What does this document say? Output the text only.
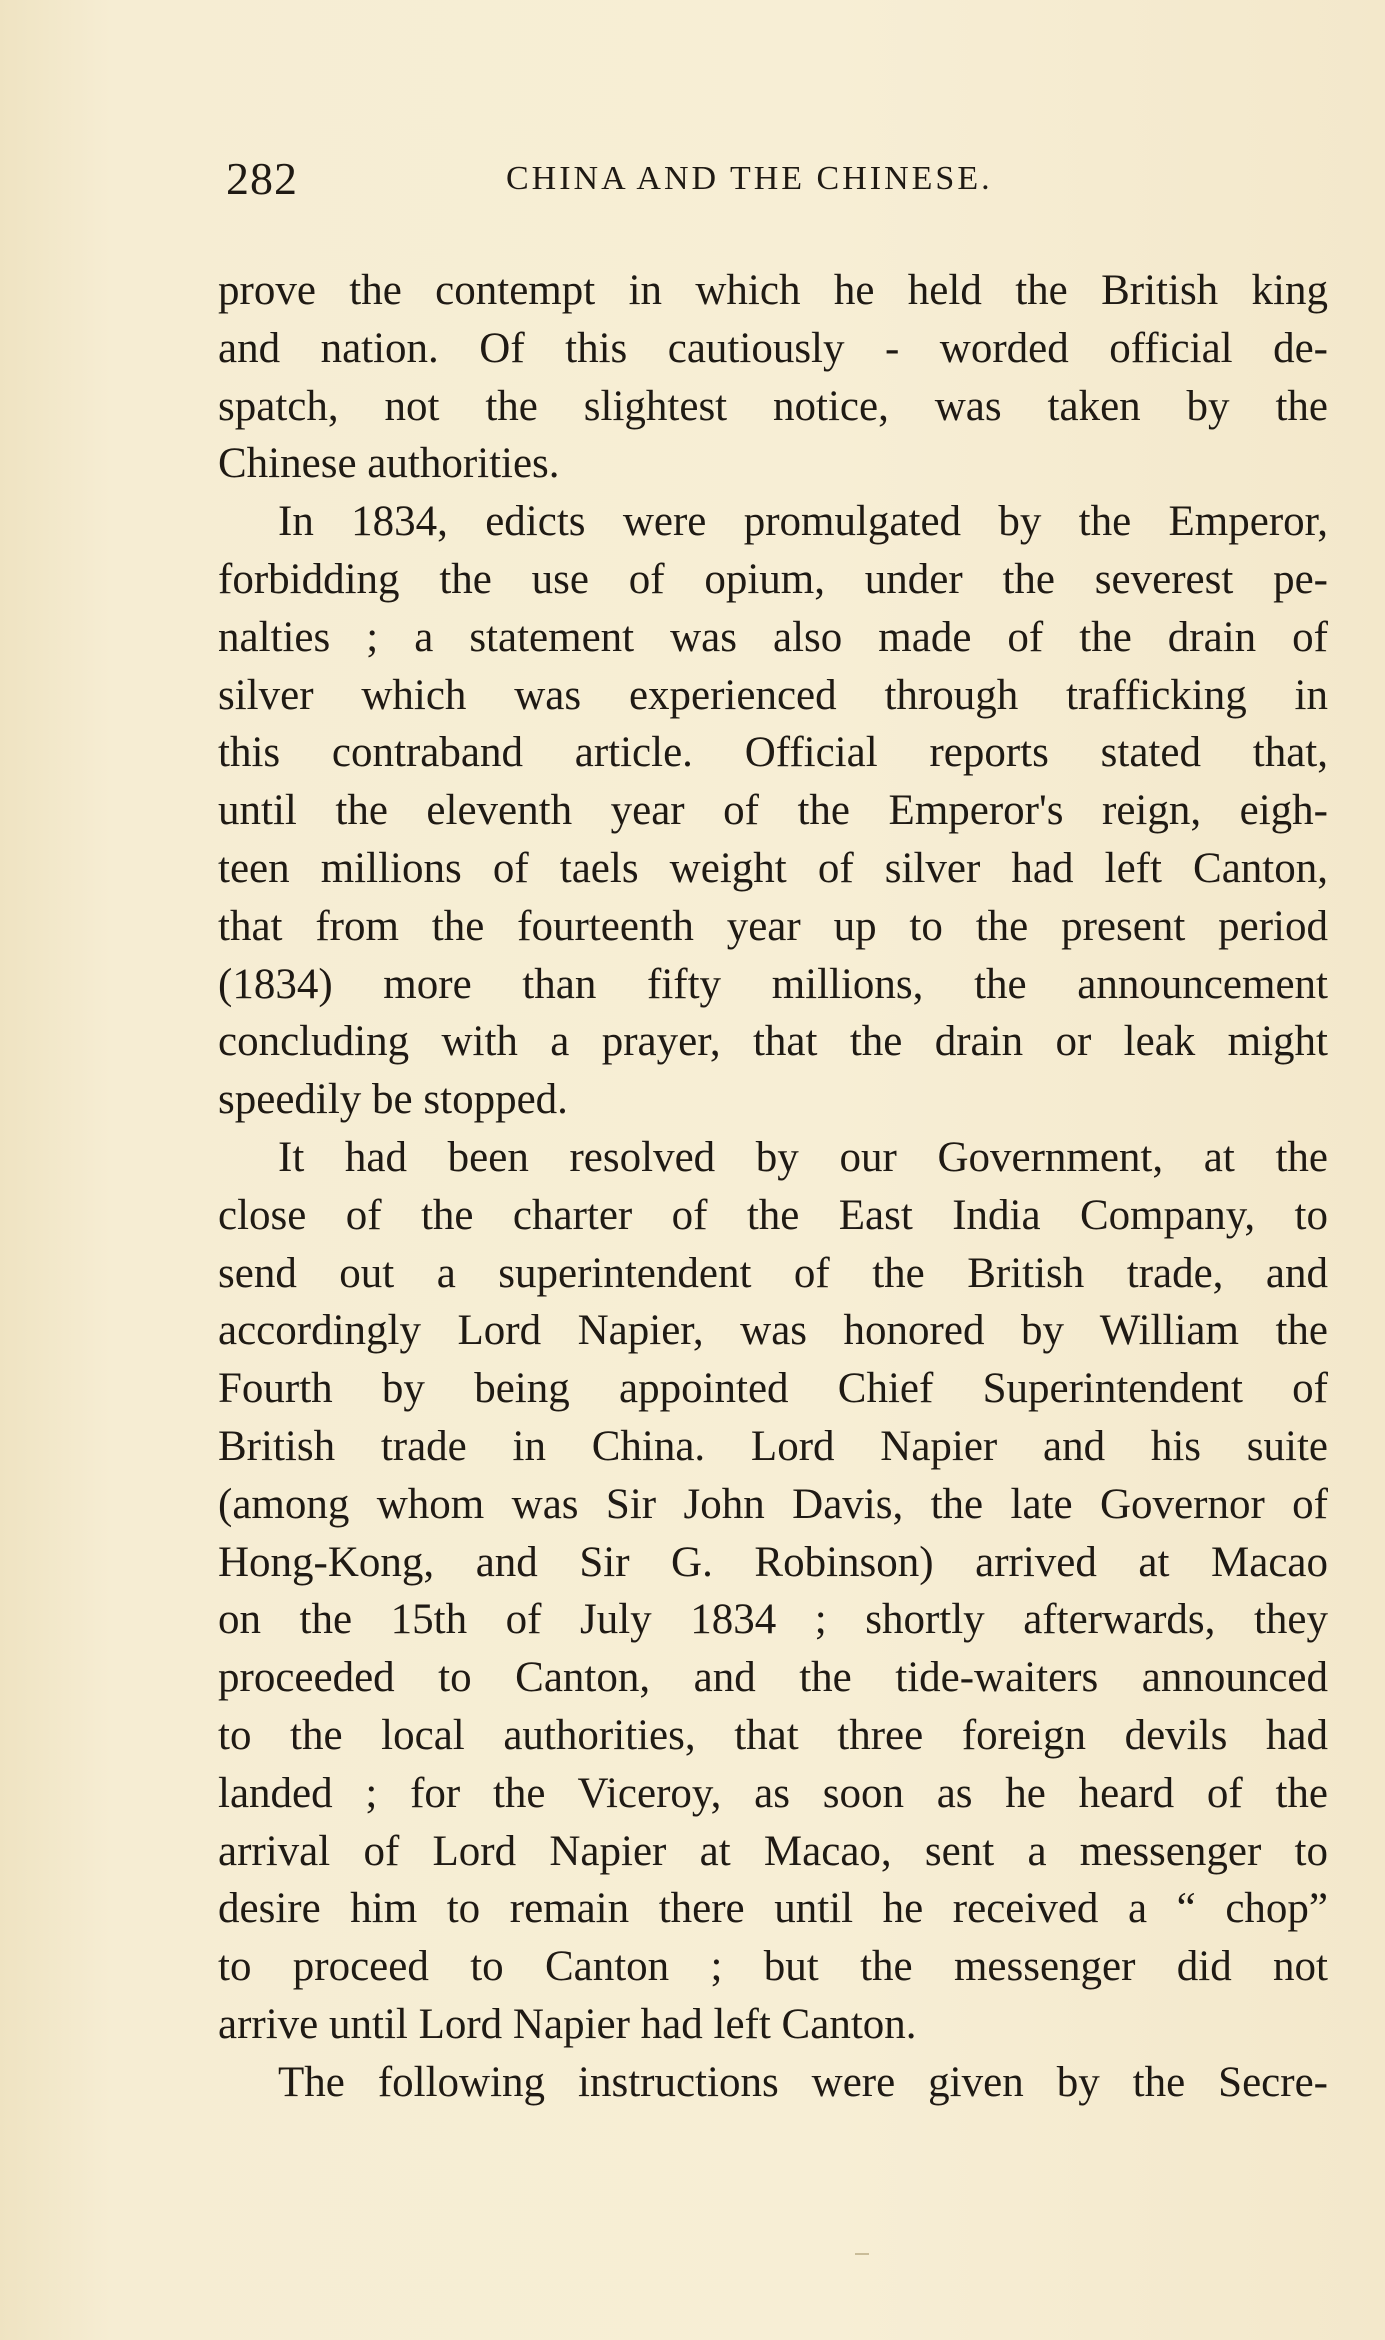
282	CHINA AND THE CHINESE.
prove the contempt in which he held the British king
and nation. Of this cautiously - worded official de-
spatch, not the slightest notice, was taken by the
Chinese authorities.
In 1834, edicts were promulgated by the Emperor,
forbidding the use of opium, under the severest pe-
nalties ; a statement was also made of the drain of
silver which was experienced through trafficking in
this contraband article. Official reports stated that,
until the eleventh year of the Emperor's reign, eigh-
teen millions of taels weight of silver had left Canton,
that from the fourteenth year up to the present period
(1834) more than fifty millions, the announcement
concluding with a prayer, that the drain or leak might
speedily be stopped.
It had been resolved by our Government, at the
close of the charter of the East India Company, to
send out a superintendent of the British trade, and
accordingly Lord Napier, was honored by William the
Fourth by being appointed Chief Superintendent of
British trade in China. Lord Napier and his suite
(among whom was Sir John Davis, the late Governor of
Hong-Kong, and Sir G. Robinson) arrived at Macao
on the 15th of July 1834 ; shortly afterwards, they
proceeded to Canton, and the tide-waiters announced
to the local authorities, that three foreign devils had
landed ; for the Viceroy, as soon as he heard of the
arrival of Lord Napier at Macao, sent a messenger to
desire him to remain there until he received a “ chop”
to proceed to Canton ; but the messenger did not
arrive until Lord Napier had left Canton.
The following instructions were given by the Secre-
